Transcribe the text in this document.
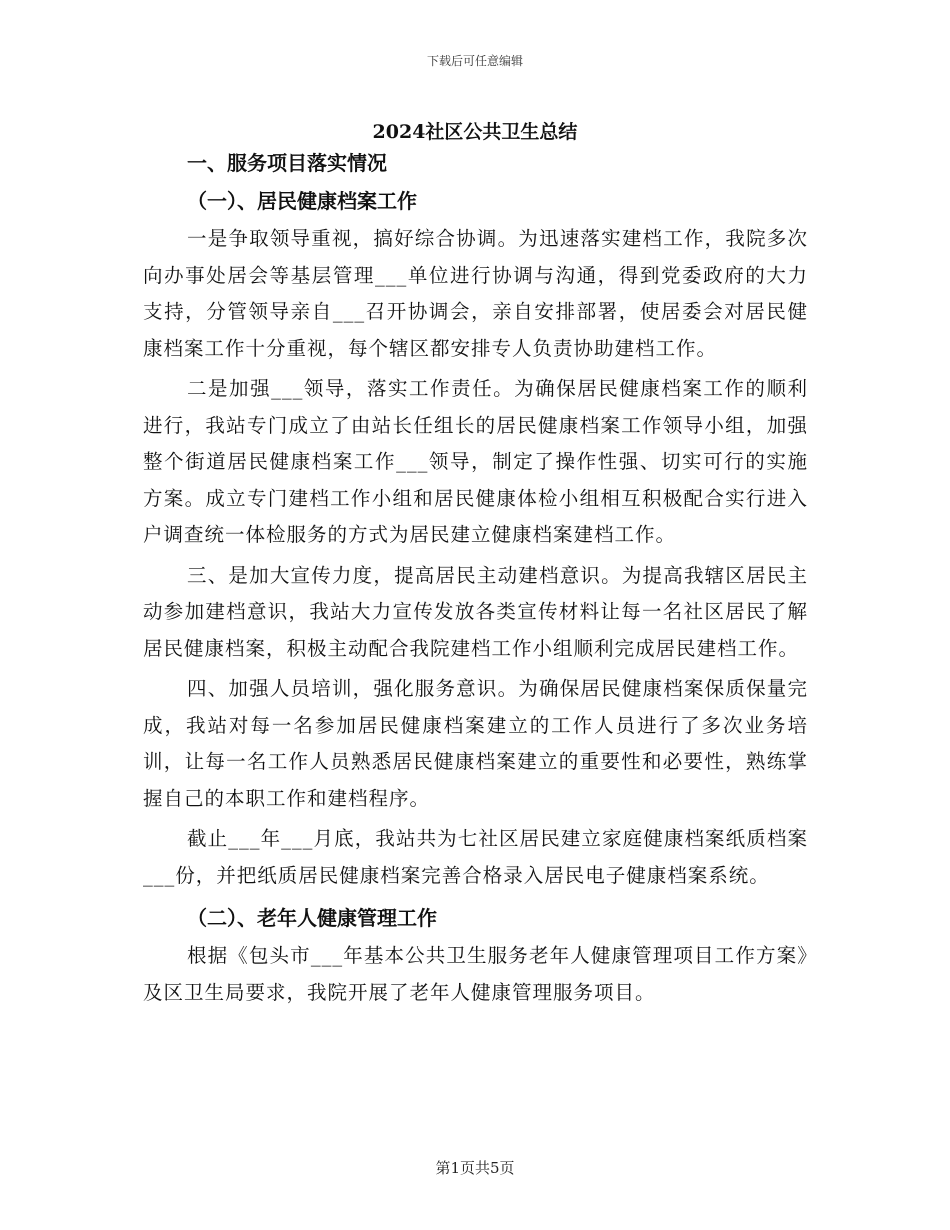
下载后可任意编辑
2024社区公共卫生总结

一、服务项目落实情况

（一）、居民健康档案工作

一是争取领导重视，搞好综合协调。为迅速落实建档工作，我院多次向办事处居会等基层管理___单位进行协调与沟通，得到党委政府的大力支持，分管领导亲自___召开协调会，亲自安排部署，使居委会对居民健康档案工作十分重视，每个辖区都安排专人负责协助建档工作。

二是加强___领导，落实工作责任。为确保居民健康档案工作的顺利进行，我站专门成立了由站长任组长的居民健康档案工作领导小组，加强整个街道居民健康档案工作___领导，制定了操作性强、切实可行的实施方案。成立专门建档工作小组和居民健康体检小组相互积极配合实行进入户调查统一体检服务的方式为居民建立健康档案建档工作。

三、是加大宣传力度，提高居民主动建档意识。为提高我辖区居民主动参加建档意识，我站大力宣传发放各类宣传材料让每一名社区居民了解居民健康档案，积极主动配合我院建档工作小组顺利完成居民建档工作。

四、加强人员培训，强化服务意识。为确保居民健康档案保质保量完成，我站对每一名参加居民健康档案建立的工作人员进行了多次业务培训，让每一名工作人员熟悉居民健康档案建立的重要性和必要性，熟练掌握自己的本职工作和建档程序。

截止___年___月底，我站共为七社区居民建立家庭健康档案纸质档案___份，并把纸质居民健康档案完善合格录入居民电子健康档案系统。

（二）、老年人健康管理工作

根据《包头市___年基本公共卫生服务老年人健康管理项目工作方案》及区卫生局要求，我院开展了老年人健康管理服务项目。

第1页共5页
